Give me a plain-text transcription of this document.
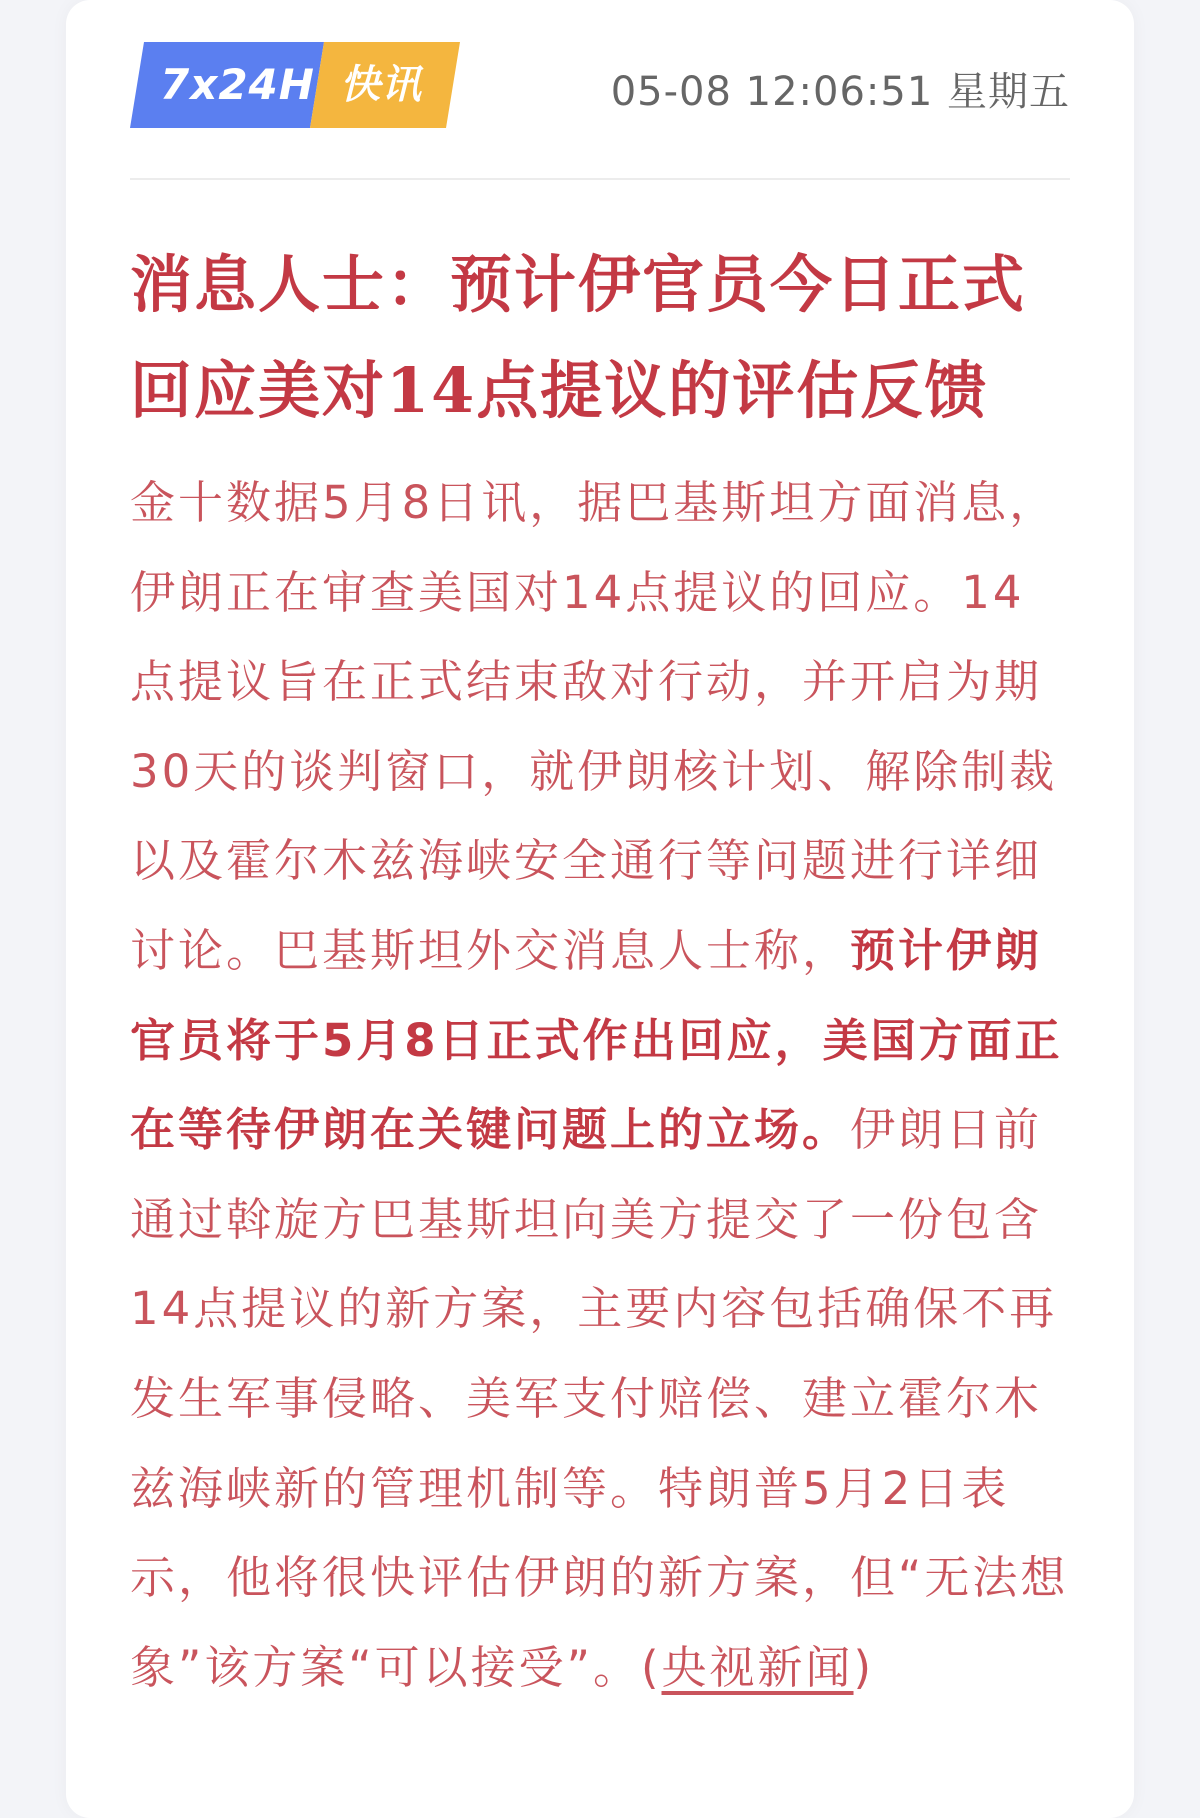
7x24H 快讯	05-08 12:06:51 星期五
消息人士：预计伊官员今日正式回应美对14点提议的评估反馈

金十数据5月8日讯，据巴基斯坦方面消息，伊朗正在审查美国对14点提议的回应。14点提议旨在正式结束敌对行动，并开启为期30天的谈判窗口，就伊朗核计划、解除制裁以及霍尔木兹海峡安全通行等问题进行详细讨论。巴基斯坦外交消息人士称，预计伊朗官员将于5月8日正式作出回应，美国方面正在等待伊朗在关键问题上的立场。伊朗日前通过斡旋方巴基斯坦向美方提交了一份包含14点提议的新方案，主要内容包括确保不再发生军事侵略、美军支付赔偿、建立霍尔木兹海峡新的管理机制等。特朗普5月2日表示，他将很快评估伊朗的新方案，但“无法想象”该方案“可以接受”。(央视新闻)
